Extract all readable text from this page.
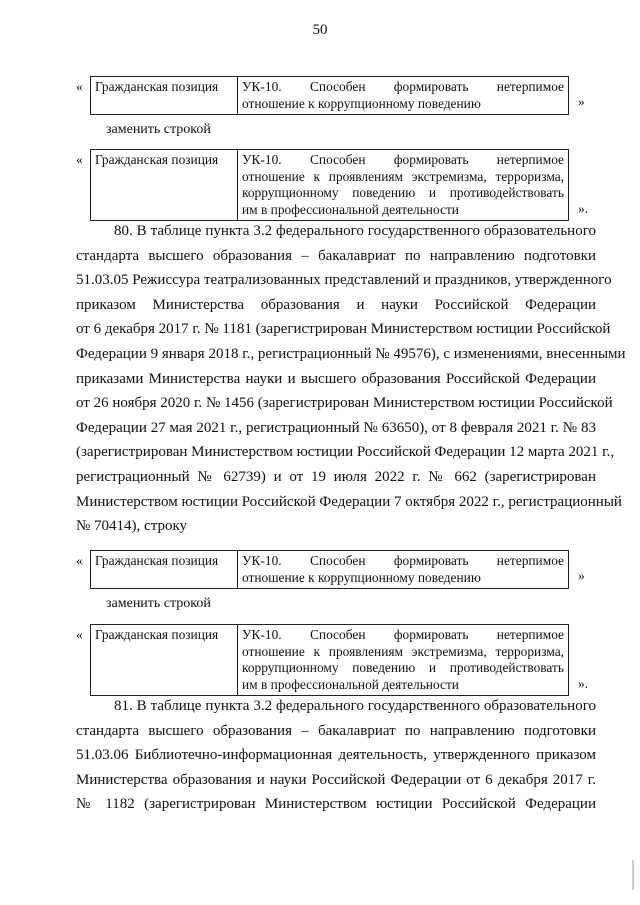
50
« Гражданская позиция	УК-10. Способен формировать нетерпимое
отношение к коррупционному поведению	»
заменить строкой
« Гражданская позиция	УК-10. Способен формировать нетерпимое
отношение к проявлениям экстремизма, терроризма,
коррупционному поведению и противодействовать
им в профессиональной деятельности	».
80. В таблице пункта 3.2 федерального государственного образовательного
стандарта высшего образования – бакалавриат по направлению подготовки
51.03.05 Режиссура театрализованных представлений и праздников, утвержденного
приказом Министерства образования и науки Российской Федерации
от 6 декабря 2017 г. № 1181 (зарегистрирован Министерством юстиции Российской
Федерации 9 января 2018 г., регистрационный № 49576), с изменениями, внесенными
приказами Министерства науки и высшего образования Российской Федерации
от 26 ноября 2020 г. № 1456 (зарегистрирован Министерством юстиции Российской
Федерации 27 мая 2021 г., регистрационный № 63650), от 8 февраля 2021 г. № 83
(зарегистрирован Министерством юстиции Российской Федерации 12 марта 2021 г.,
регистрационный № 62739) и от 19 июля 2022 г. № 662 (зарегистрирован
Министерством юстиции Российской Федерации 7 октября 2022 г., регистрационный
№ 70414), строку
« Гражданская позиция	УК-10. Способен формировать нетерпимое
отношение к коррупционному поведению	»
заменить строкой
« Гражданская позиция	УК-10. Способен формировать нетерпимое
отношение к проявлениям экстремизма, терроризма,
коррупционному поведению и противодействовать
им в профессиональной деятельности	».
81. В таблице пункта 3.2 федерального государственного образовательного
стандарта высшего образования – бакалавриат по направлению подготовки
51.03.06 Библиотечно-информационная деятельность, утвержденного приказом
Министерства образования и науки Российской Федерации от 6 декабря 2017 г.
№ 1182 (зарегистрирован Министерством юстиции Российской Федерации
